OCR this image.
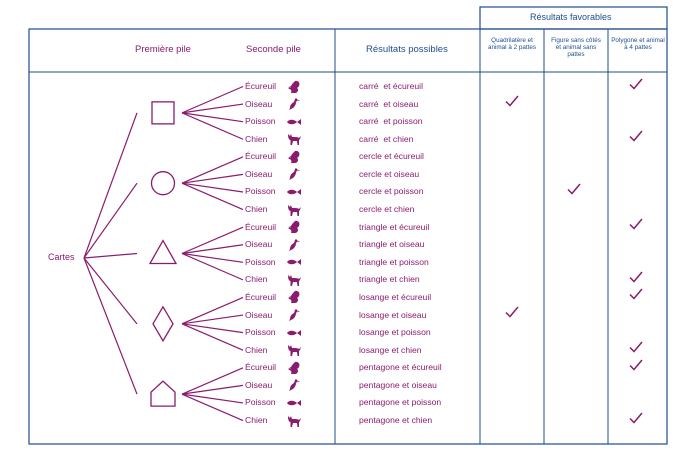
Première pile	Seconde pile	Résultats possibles
Résultats favorables
Quadrilatère et animal à 2 pattes
Figure sans côtés et animal sans pattes
Polygone et animal à 4 pattes
Cartes
Écureuil	carré  et écureuil
Oiseau	carré  et oiseau
Poisson	carré  et poisson
Chien	carré  et chien
Écureuil	cercle et écureuil
Oiseau	cercle et oiseau
Poisson	cercle et poisson
Chien	cercle et chien
Écureuil	triangle et écureuil
Oiseau	triangle et oiseau
Poisson	triangle et poisson
Chien	triangle et chien
Écureuil	losange et écureuil
Oiseau	losange et oiseau
Poisson	losange et poisson
Chien	losange et chien
Écureuil	pentagone et écureuil
Oiseau	pentagone et oiseau
Poisson	pentagone et poisson
Chien	pentagone et chien
